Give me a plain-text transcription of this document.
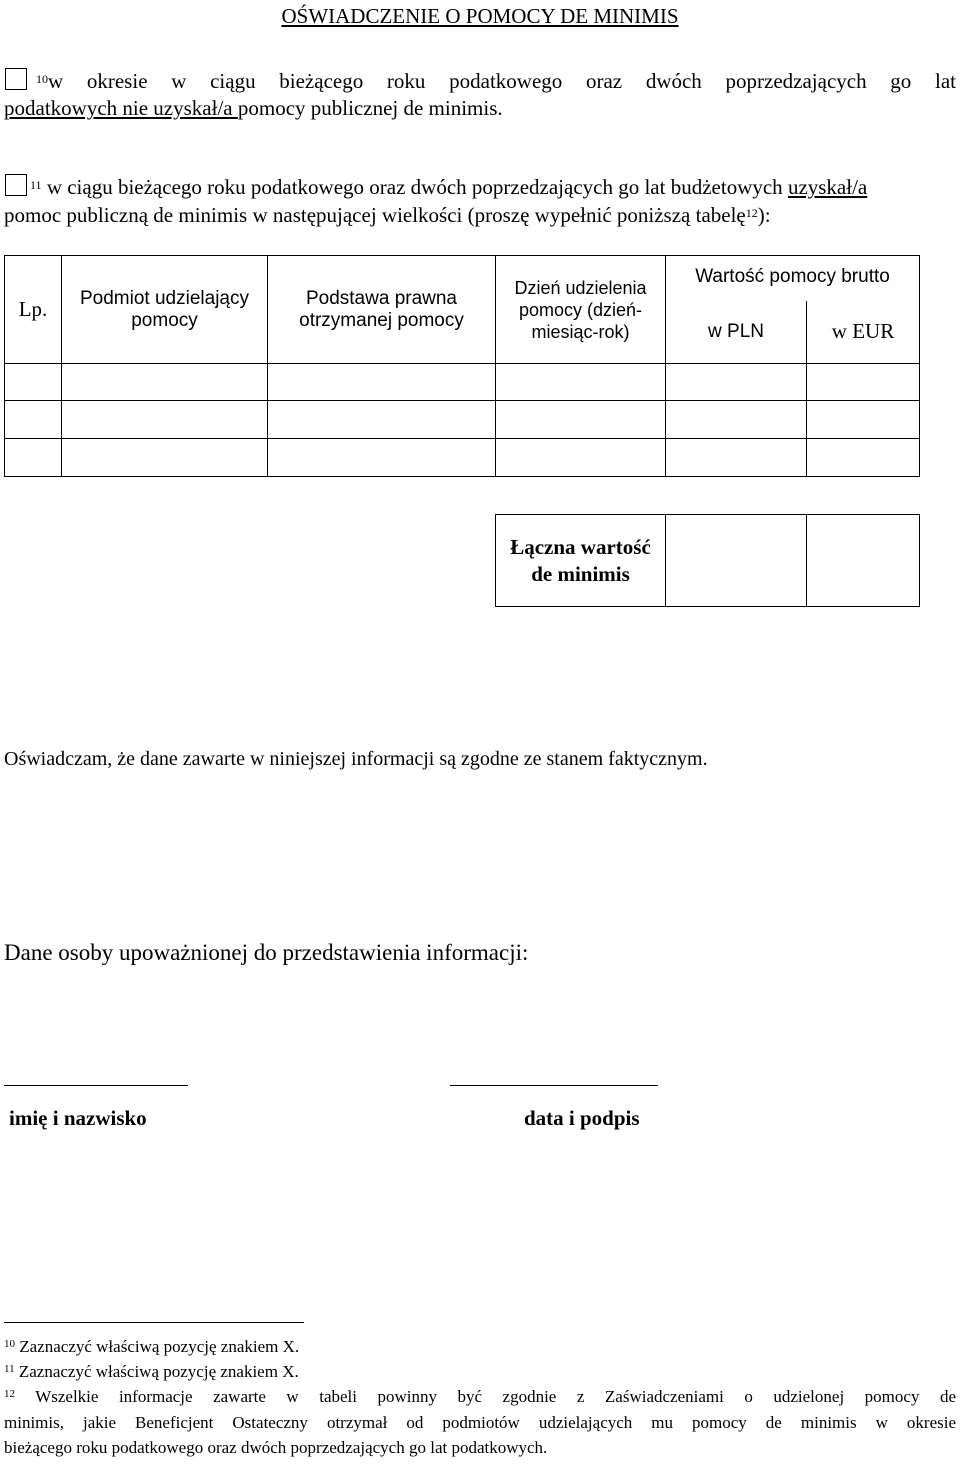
OŚWIADCZENIE O POMOCY DE MINIMIS
$^{10}$w okresie w ciągu bieżącego roku podatkowego oraz dwóch poprzedzających go lat
podatkowych nie uzyskał/a pomocy publicznej de minimis.
$^{11}$ w ciągu bieżącego roku podatkowego oraz dwóch poprzedzających go lat budżetowych uzyskał/a
pomoc publiczną de minimis w następującej wielkości (proszę wypełnić poniższą tabelę$^{12}$):
Lp.	Podmiot udzielający pomocy	Podstawa prawna otrzymanej pomocy	Dzień udzielenia pomocy (dzień-miesiąc-rok)	Wartość pomocy brutto	
				w PLN	w EUR

Łączna wartość
de minimis		
Oświadczam, że dane zawarte w niniejszej informacji są zgodne ze stanem faktycznym.
Dane osoby upoważnionej do przedstawienia informacji:
imię i nazwisko	data i podpis
$^{10}$ Zaznaczyć właściwą pozycję znakiem X.
$^{11}$ Zaznaczyć właściwą pozycję znakiem X.
$^{12}$ Wszelkie informacje zawarte w tabeli powinny być zgodnie z Zaświadczeniami o udzielonej pomocy de
minimis, jakie Beneficjent Ostateczny otrzymał od podmiotów udzielających mu pomocy de minimis w okresie
bieżącego roku podatkowego oraz dwóch poprzedzających go lat podatkowych.
